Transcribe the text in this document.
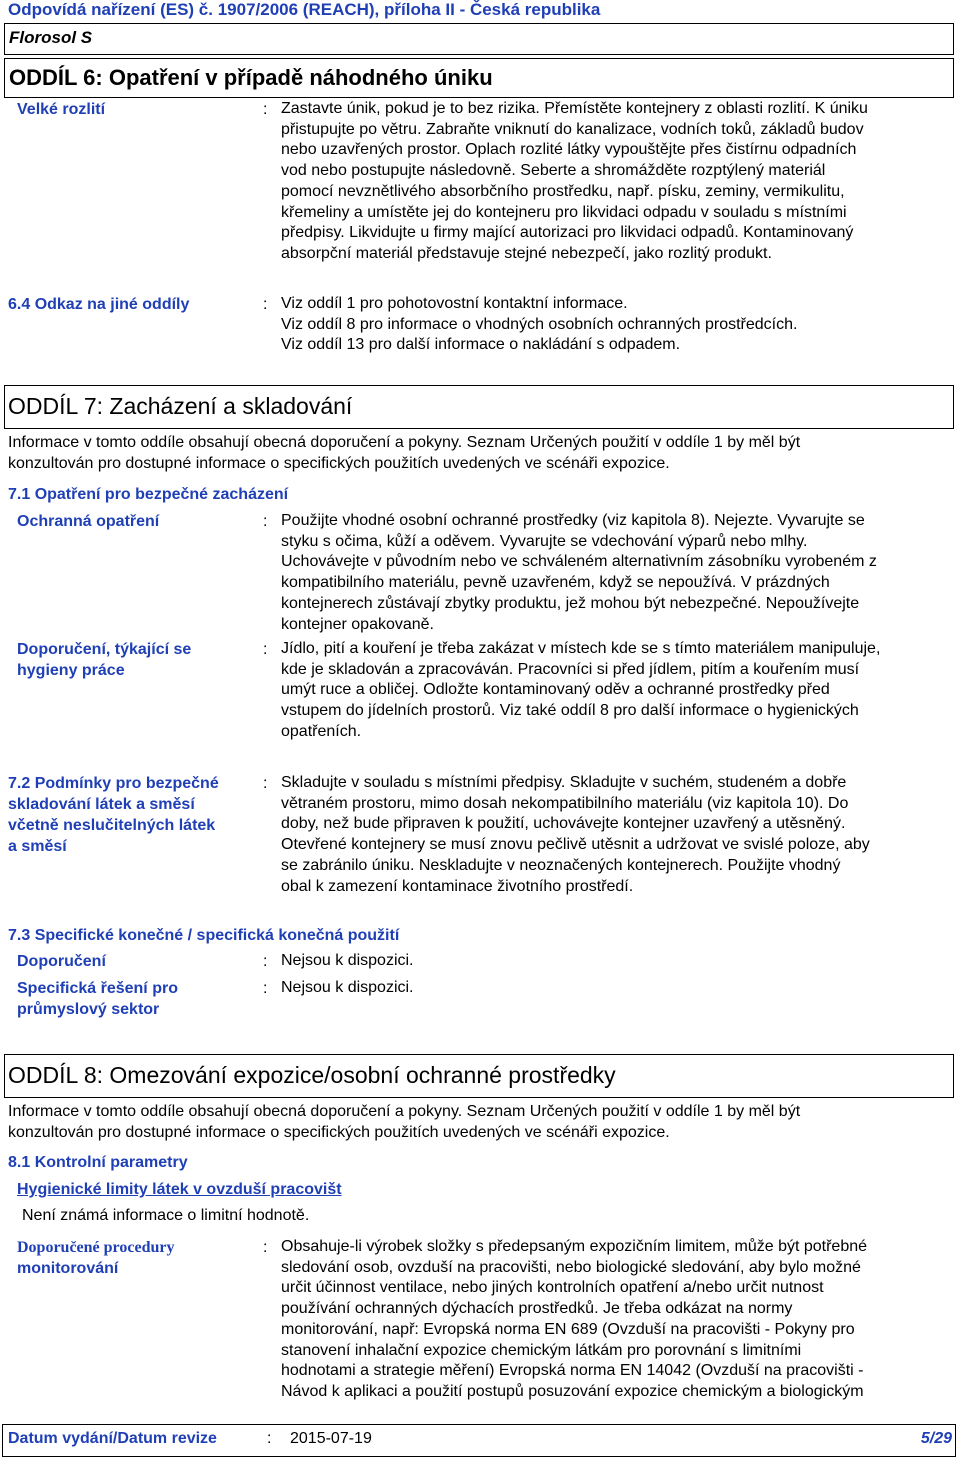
Odpovídá nařízení (ES) č. 1907/2006 (REACH), příloha II - Česká republika
Florosol S
ODDÍL 6: Opatření v případě náhodného úniku
Velké rozlití	: Zastavte únik, pokud je to bez rizika. Přemístěte kontejnery z oblasti rozlití. K úniku
přistupujte po větru. Zabraňte vniknutí do kanalizace, vodních toků, základů budov
nebo uzavřených prostor. Oplach rozlité látky vypouštějte přes čistírnu odpadních
vod nebo postupujte následovně. Seberte a shromážděte rozptýlený materiál
pomocí nevznětlivého absorbčního prostředku, např. písku, zeminy, vermikulitu,
křemeliny a umístěte jej do kontejneru pro likvidaci odpadu v souladu s místními
předpisy. Likvidujte u firmy mající autorizaci pro likvidaci odpadů. Kontaminovaný
absorpční materiál představuje stejné nebezpečí, jako rozlitý produkt.
6.4 Odkaz na jiné oddíly	: Viz oddíl 1 pro pohotovostní kontaktní informace.
Viz oddíl 8 pro informace o vhodných osobních ochranných prostředcích.
Viz oddíl 13 pro další informace o nakládání s odpadem.
ODDÍL 7: Zacházení a skladování
Informace v tomto oddíle obsahují obecná doporučení a pokyny. Seznam Určených použití v oddíle 1 by měl být
konzultován pro dostupné informace o specifických použitích uvedených ve scénáři expozice.
7.1 Opatření pro bezpečné zacházení
Ochranná opatření	: Použijte vhodné osobní ochranné prostředky (viz kapitola 8). Nejezte. Vyvarujte se
styku s očima, kůží a oděvem. Vyvarujte se vdechování výparů nebo mlhy.
Uchovávejte v původním nebo ve schváleném alternativním zásobníku vyrobeném z
kompatibilního materiálu, pevně uzavřeném, když se nepoužívá. V prázdných
kontejnerech zůstávají zbytky produktu, jež mohou být nebezpečné. Nepoužívejte
kontejner opakovaně.
Doporučení, týkající se
hygieny práce
: Jídlo, pití a kouření je třeba zakázat v místech kde se s tímto materiálem manipuluje,
kde je skladován a zpracováván. Pracovníci si před jídlem, pitím a kouřením musí
umýt ruce a obličej. Odložte kontaminovaný oděv a ochranné prostředky před
vstupem do jídelních prostorů. Viz také oddíl 8 pro další informace o hygienických
opatřeních.
7.2 Podmínky pro bezpečné
skladování látek a směsí
včetně neslučitelných látek
a směsí
: Skladujte v souladu s místními předpisy. Skladujte v suchém, studeném a dobře
větraném prostoru, mimo dosah nekompatibilního materiálu (viz kapitola 10). Do
doby, než bude připraven k použití, uchovávejte kontejner uzavřený a utěsněný.
Otevřené kontejnery se musí znovu pečlivě utěsnit a udržovat ve svislé poloze, aby
se zabránilo úniku. Neskladujte v neoznačených kontejnerech. Použijte vhodný
obal k zamezení kontaminace životního prostředí.
7.3 Specifické konečné / specifická konečná použití
Doporučení	: Nejsou k dispozici.
Specifická řešení pro
průmyslový sektor
: Nejsou k dispozici.
ODDÍL 8: Omezování expozice/osobní ochranné prostředky
Informace v tomto oddíle obsahují obecná doporučení a pokyny. Seznam Určených použití v oddíle 1 by měl být
konzultován pro dostupné informace o specifických použitích uvedených ve scénáři expozice.
8.1 Kontrolní parametry
Hygienické limity látek v ovzduší pracovišt
Není známá informace o limitní hodnotě.
Doporučené procedury
monitorování
: Obsahuje-li výrobek složky s předepsaným expozičním limitem, může být potřebné
sledování osob, ovzduší na pracovišti, nebo biologické sledování, aby bylo možné
určit účinnost ventilace, nebo jiných kontrolních opatření a/nebo určit nutnost
používání ochranných dýchacích prostředků. Je třeba odkázat na normy
monitorování, např: Evropská norma EN 689 (Ovzduší na pracovišti - Pokyny pro
stanovení inhalační expozice chemickým látkám pro porovnání s limitními
hodnotami a strategie měření) Evropská norma EN 14042 (Ovzduší na pracovišti -
Návod k aplikaci a použití postupů posuzování expozice chemickým a biologickým
Datum vydání/Datum revize	: 2015-07-19	5/29
